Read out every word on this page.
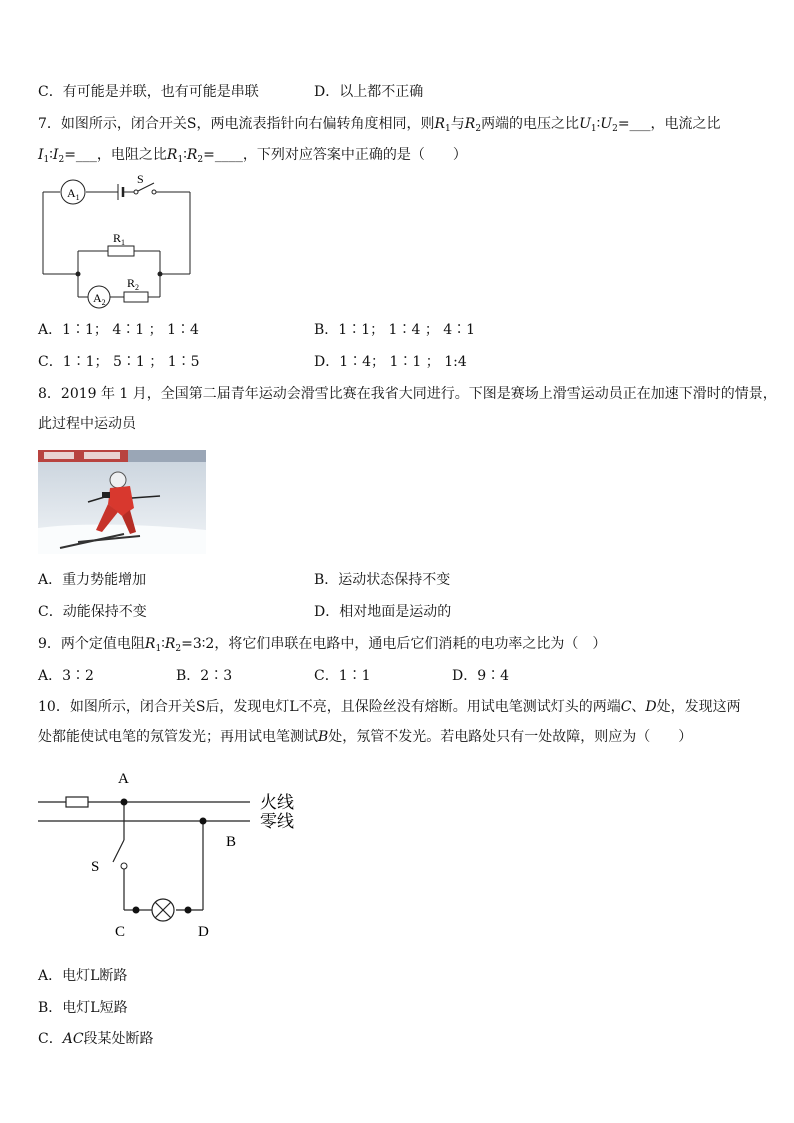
C．有可能是并联，也有可能是串联	D．以上都不正确
7．如图所示，闭合开关S，两电流表指针向右偏转角度相同，则$R_1$与$R_2$两端的电压之比$U_1∶U_2=\_\_\_$，电流之比
$I_1∶I_2=\_\_\_$，电阻之比$R_1∶R_2=\_\_\_\_$，下列对应答案中正确的是（　　）
$A_1$
$A_2$
S
$R_1$
$R_2$
A．1∶1； 4∶1 ； 1∶4	B．1∶1； 1∶4 ； 4∶1
C．1∶1； 5∶1 ； 1∶5	D．1∶4； 1∶1 ； 1:4
8．2019 年 1 月，全国第二届青年运动会滑雪比赛在我省大同进行。下图是赛场上滑雪运动员正在加速下滑时的情景，
此过程中运动员
A．重力势能增加	B．运动状态保持不变
C．动能保持不变	D．相对地面是运动的
9．两个定值电阻$R_1∶R_2=3∶2$，将它们串联在电路中，通电后它们消耗的电功率之比为（　）
A．3∶2	B．2∶3	C．1∶1	D．9∶4
10．如图所示，闭合开关S后，发现电灯L不亮，且保险丝没有熔断。用试电笔测试灯头的两端C、D处，发现这两
处都能使试电笔的氖管发光；再用试电笔测试B处，氖管不发光。若电路处只有一处故障，则应为（　　）
A
B
S
C	D
火线
零线
A．电灯L断路
B．电灯L短路
C．AC段某处断路
